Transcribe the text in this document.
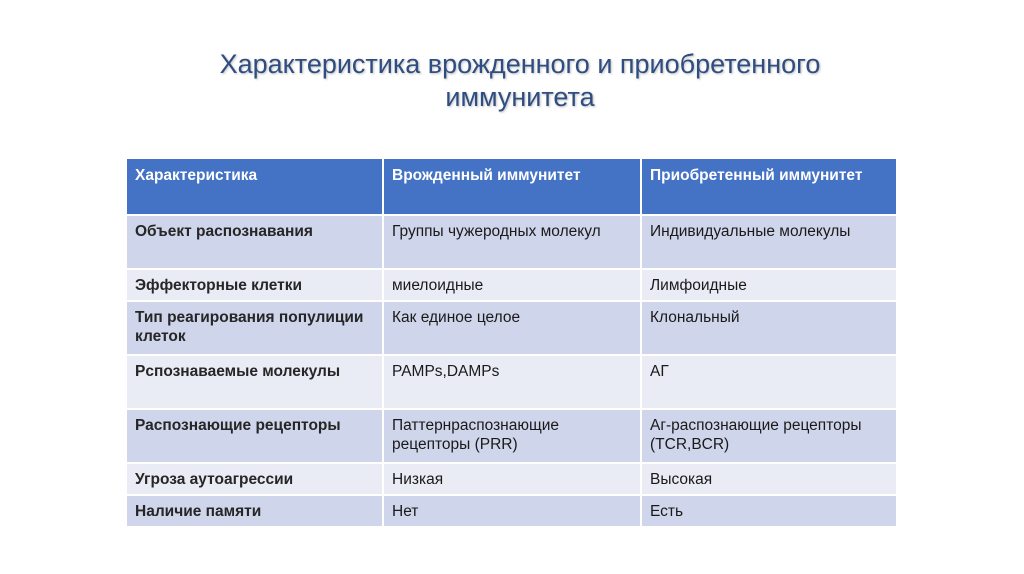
Характеристика врожденного и приобретенного
иммунитета
Характеристика	Врожденный иммунитет	Приобретенный иммунитет
Объект распознавания	Группы чужеродных молекул	Индивидуальные молекулы
Эффекторные клетки	миелоидные	Лимфоидные
Тип реагирования популиции клеток	Как единое целое	Клональный
Рспознаваемые молекулы	PAMPs,DAMPs	АГ
Распознающие рецепторы	Паттернраспознающие рецепторы (PRR)	Аг-распознающие рецепторы (TCR,BCR)
Угроза аутоагрессии	Низкая	Высокая
Наличие памяти	Нет	Есть
